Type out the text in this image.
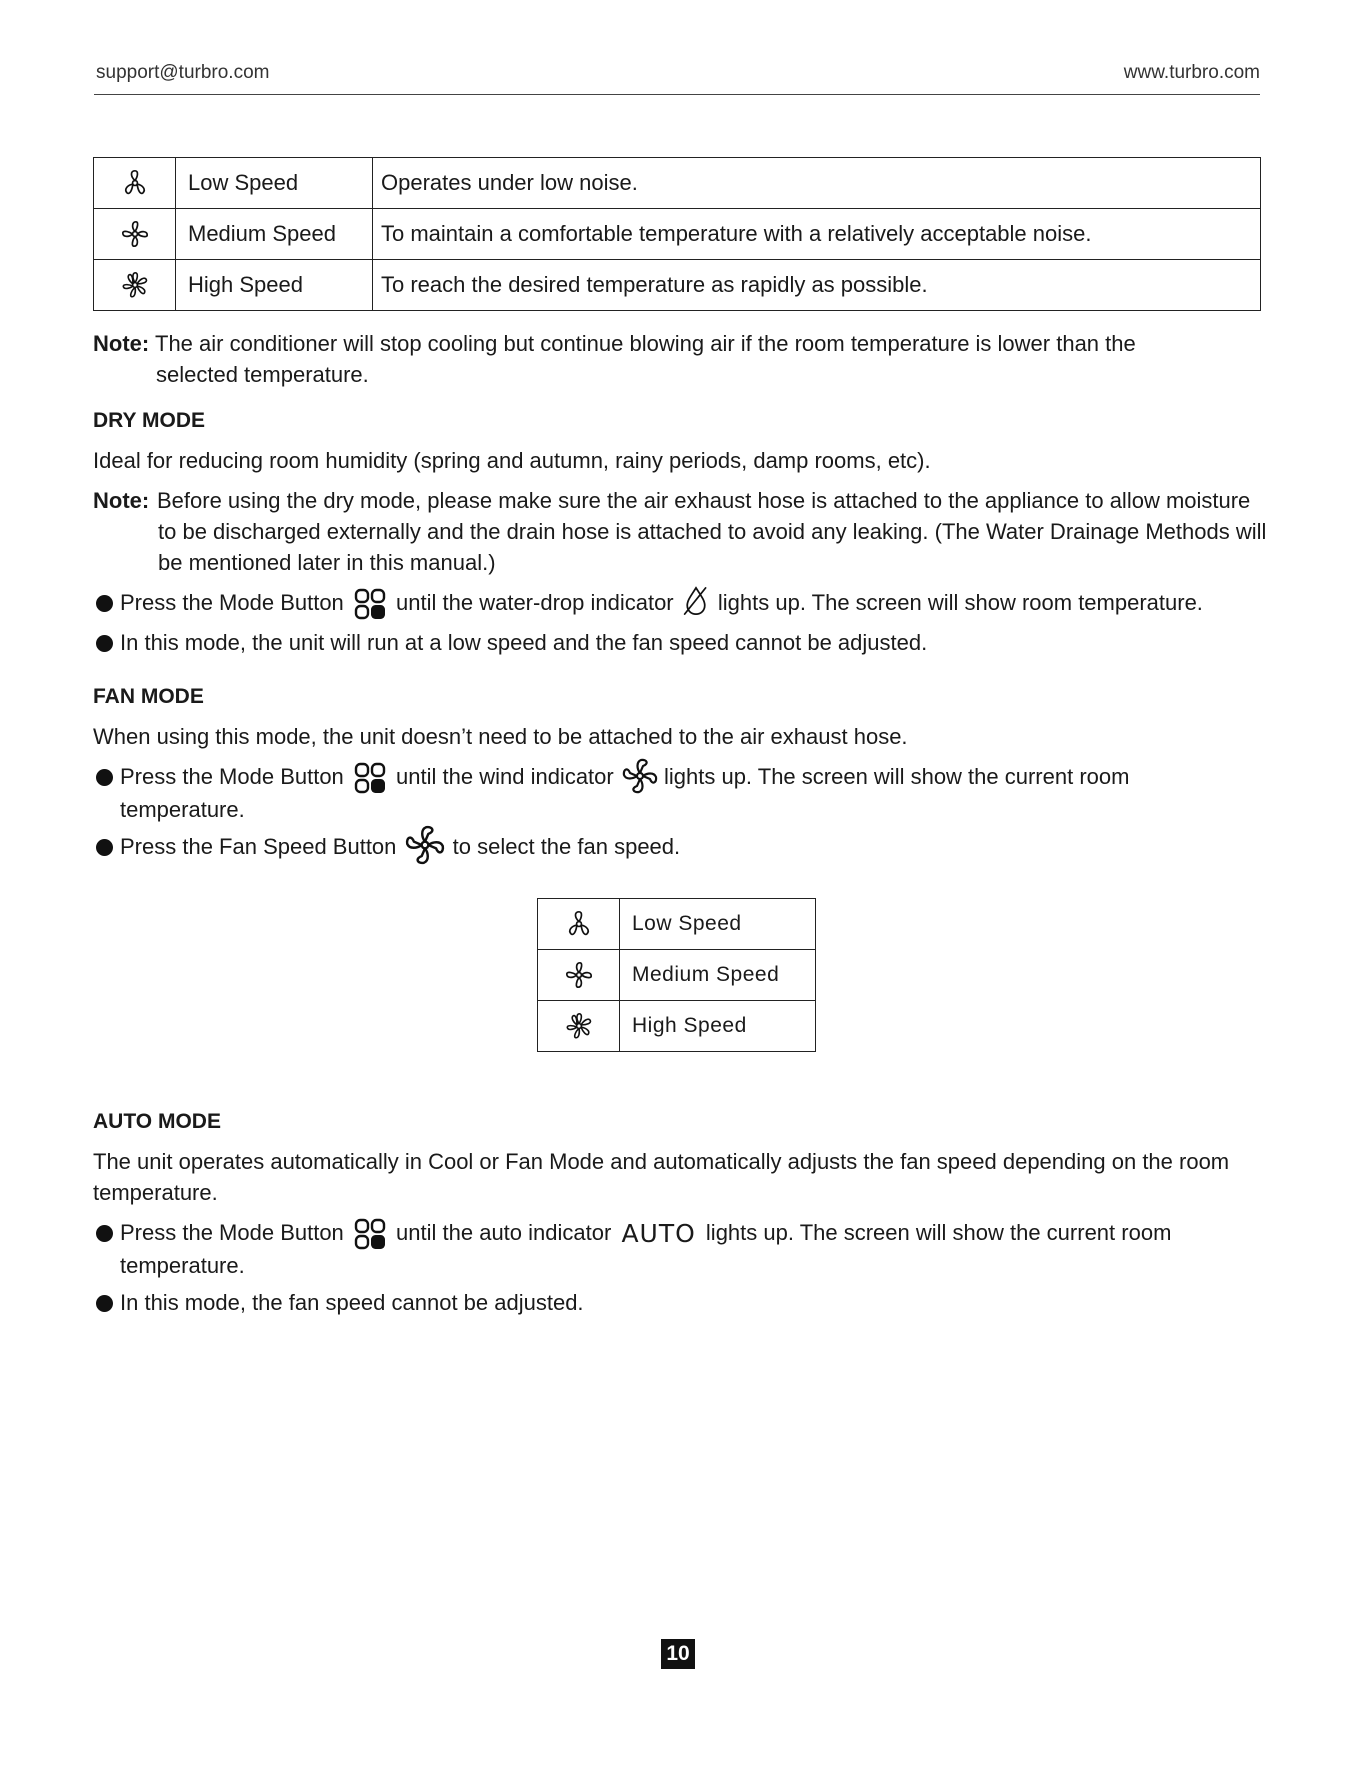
support@turbro.com	www.turbro.com
	Low Speed	Operates under low noise.
	Medium Speed	To maintain a comfortable temperature with a relatively acceptable noise.
	High Speed	To reach the desired temperature as rapidly as possible.
Note: The air conditioner will stop cooling but continue blowing air if the room temperature is lower than the selected temperature.
DRY MODE
Ideal for reducing room humidity (spring and autumn, rainy periods, damp rooms, etc).
Note: Before using the dry mode, please make sure the air exhaust hose is attached to the appliance to allow moisture to be discharged externally and the drain hose is attached to avoid any leaking. (The Water Drainage Methods will be mentioned later in this manual.)
Press the Mode Button until the water-drop indicator lights up. The screen will show room temperature.
In this mode, the unit will run at a low speed and the fan speed cannot be adjusted.
FAN MODE
When using this mode, the unit doesn’t need to be attached to the air exhaust hose.
Press the Mode Button until the wind indicator lights up. The screen will show the current room temperature.
Press the Fan Speed Button	to select the fan speed.
	Low Speed
	Medium Speed
	High Speed
AUTO MODE
The unit operates automatically in Cool or Fan Mode and automatically adjusts the fan speed depending on the room temperature.
Press the Mode Button until the auto indicator AUTO lights up. The screen will show the current room temperature.
In this mode, the fan speed cannot be adjusted.
10
